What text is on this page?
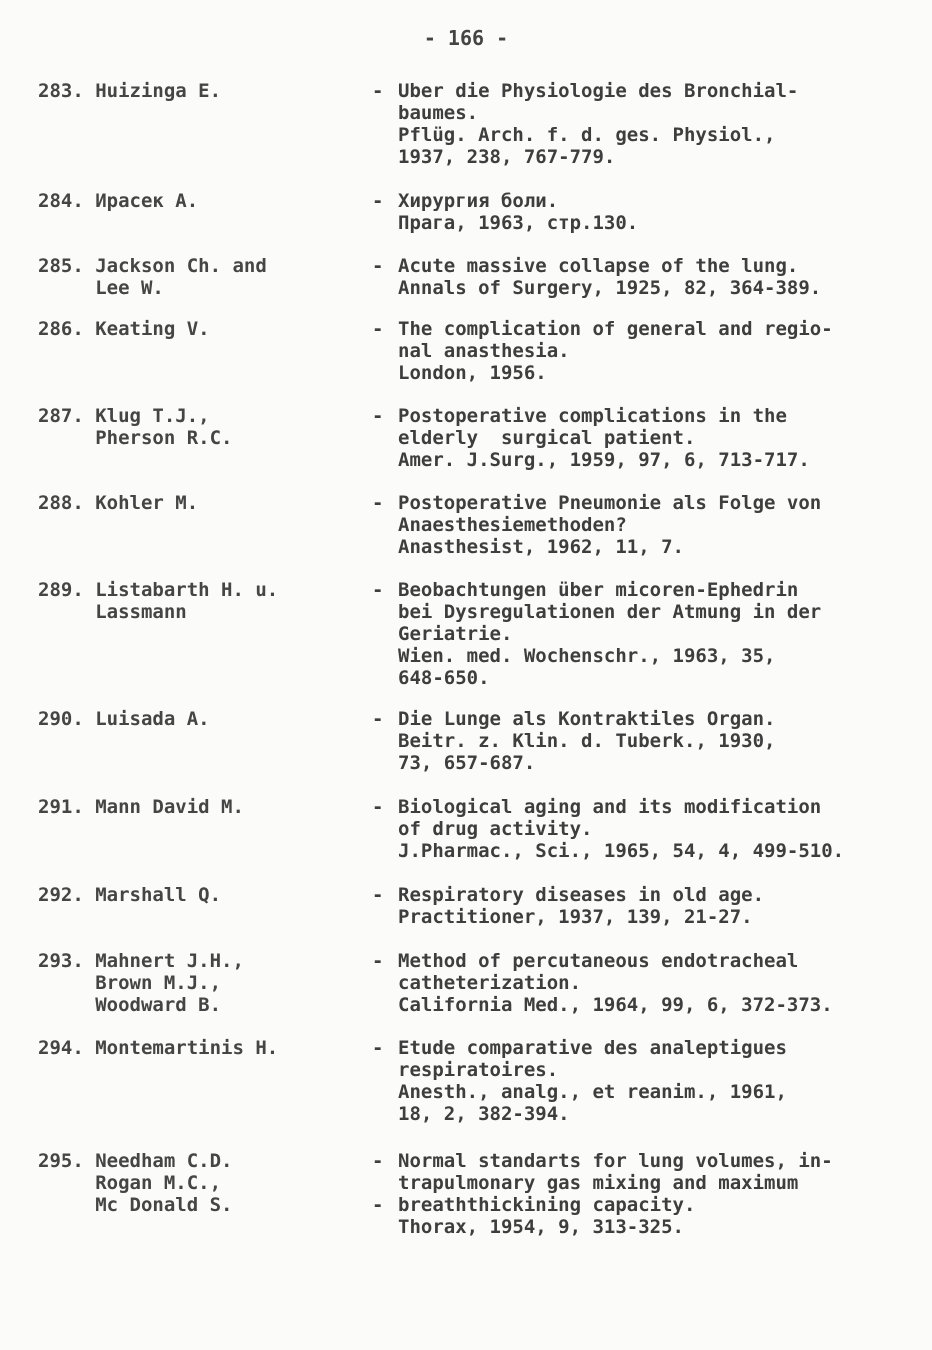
- 166 -
283. Huizinga E.	- Uber die Physiologie des Bronchial-
baumes.
Pflüg. Arch. f. d. ges. Physiol.,
1937, 238, 767-779.
284. Ирасек А.	- Хирургия боли.
Прага, 1963, стр.130.
285. Jackson Ch. and
Lee W.
- Acute massive collapse of the lung.
Annals of Surgery, 1925, 82, 364-389.
286. Keating V.	- The complication of general and regio-
nal anasthesia.
London, 1956.
287. Klug T.J.,
Pherson R.C.
- Postoperative complications in the
elderly  surgical patient.
Amer. J.Surg., 1959, 97, 6, 713-717.
288. Kohler M.	- Postoperative Pneumonie als Folge von
Anaesthesiemethoden?
Anasthesist, 1962, 11, 7.
289. Listabarth H. u.
Lassmann
- Beobachtungen über micoren-Ephedrin
bei Dysregulationen der Atmung in der
Geriatrie.
Wien. med. Wochenschr., 1963, 35,
648-650.
290. Luisada A.	- Die Lunge als Kontraktiles Organ.
Beitr. z. Klin. d. Tuberk., 1930,
73, 657-687.
291. Mann David M.	- Biological aging and its modification
of drug activity.
J.Pharmac., Sci., 1965, 54, 4, 499-510.
292. Marshall Q.	- Respiratory diseases in old age.
Practitioner, 1937, 139, 21-27.
293. Mahnert J.H.,
Brown M.J.,
Woodward B.
- Method of percutaneous endotracheal
catheterization.
California Med., 1964, 99, 6, 372-373.
294. Montemartinis H.	- Etude comparative des analeptigues
respiratoires.
Anesth., analg., et reanim., 1961,
18, 2, 382-394.
295. Needham C.D.
Rogan M.C.,
Mc Donald S.
- Normal standarts for lung volumes, in-
trapulmonary gas mixing and maximum
- breaththickining capacity.
Thorax, 1954, 9, 313-325.
